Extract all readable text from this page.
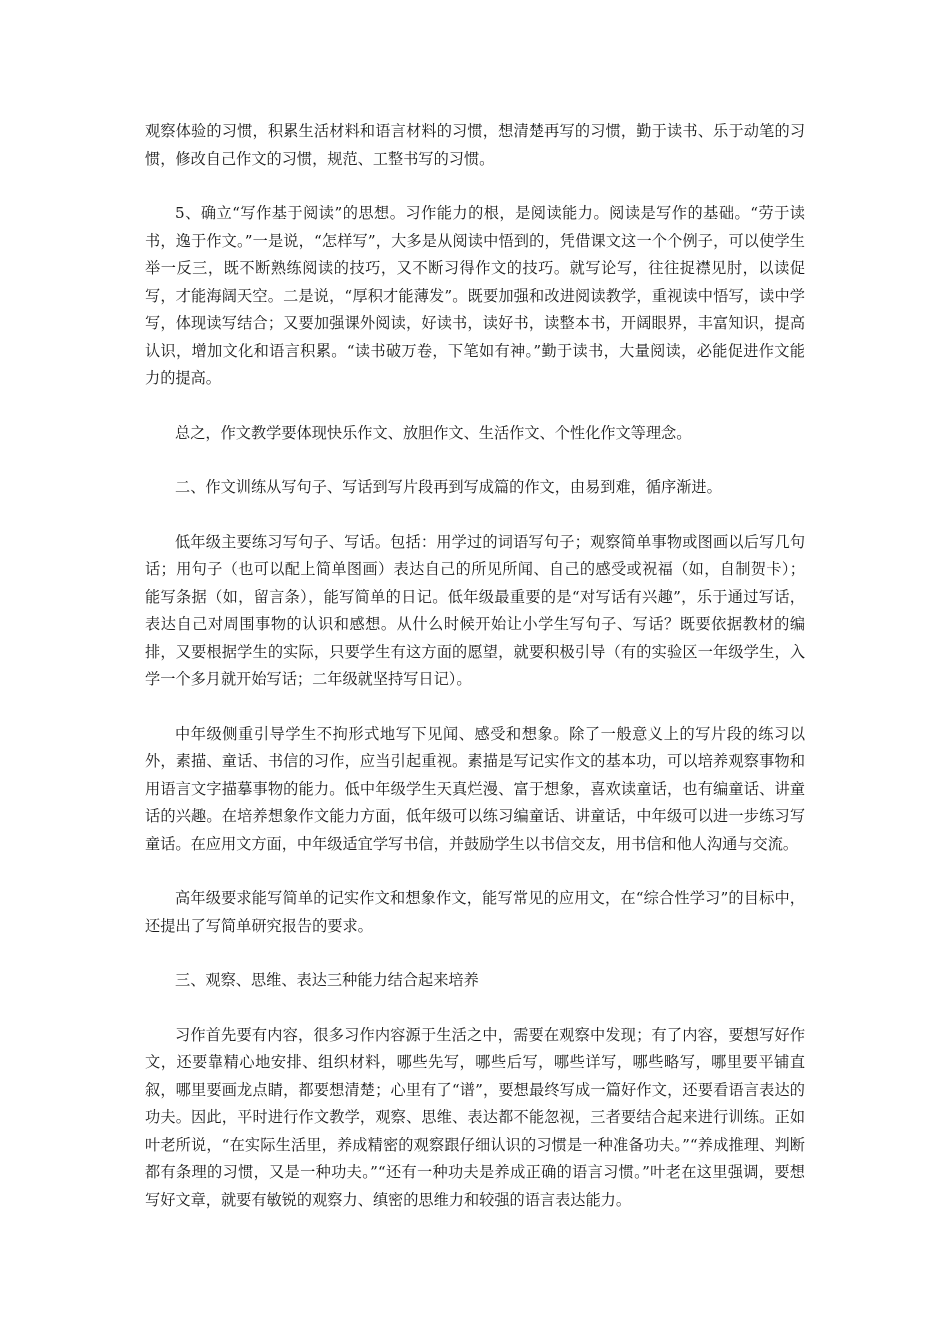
观察体验的习惯，积累生活材料和语言材料的习惯，想清楚再写的习惯，勤于读书、乐于动笔的习惯，修改自己作文的习惯，规范、工整书写的习惯。

5、确立“写作基于阅读”的思想。习作能力的根，是阅读能力。阅读是写作的基础。“劳于读书，逸于作文。”一是说，“怎样写”，大多是从阅读中悟到的，凭借课文这一个个例子，可以使学生举一反三，既不断熟练阅读的技巧，又不断习得作文的技巧。就写论写，往往捉襟见肘，以读促写，才能海阔天空。二是说，“厚积才能薄发”。既要加强和改进阅读教学，重视读中悟写，读中学写，体现读写结合；又要加强课外阅读，好读书，读好书，读整本书，开阔眼界，丰富知识，提高认识，增加文化和语言积累。“读书破万卷，下笔如有神。”勤于读书，大量阅读，必能促进作文能力的提高。

总之，作文教学要体现快乐作文、放胆作文、生活作文、个性化作文等理念。

二、作文训练从写句子、写话到写片段再到写成篇的作文，由易到难，循序渐进。

低年级主要练习写句子、写话。包括：用学过的词语写句子；观察简单事物或图画以后写几句话；用句子（也可以配上简单图画）表达自己的所见所闻、自己的感受或祝福（如，自制贺卡）；能写条据（如，留言条），能写简单的日记。低年级最重要的是“对写话有兴趣”，乐于通过写话，表达自己对周围事物的认识和感想。从什么时候开始让小学生写句子、写话？既要依据教材的编排，又要根据学生的实际，只要学生有这方面的愿望，就要积极引导（有的实验区一年级学生，入学一个多月就开始写话；二年级就坚持写日记）。

中年级侧重引导学生不拘形式地写下见闻、感受和想象。除了一般意义上的写片段的练习以外，素描、童话、书信的习作，应当引起重视。素描是写记实作文的基本功，可以培养观察事物和用语言文字描摹事物的能力。低中年级学生天真烂漫、富于想象，喜欢读童话，也有编童话、讲童话的兴趣。在培养想象作文能力方面，低年级可以练习编童话、讲童话，中年级可以进一步练习写童话。在应用文方面，中年级适宜学写书信，并鼓励学生以书信交友，用书信和他人沟通与交流。

高年级要求能写简单的记实作文和想象作文，能写常见的应用文，在“综合性学习”的目标中，还提出了写简单研究报告的要求。

三、观察、思维、表达三种能力结合起来培养

习作首先要有内容，很多习作内容源于生活之中，需要在观察中发现；有了内容，要想写好作文，还要靠精心地安排、组织材料，哪些先写，哪些后写，哪些详写，哪些略写，哪里要平铺直叙，哪里要画龙点睛，都要想清楚；心里有了“谱”，要想最终写成一篇好作文，还要看语言表达的功夫。因此，平时进行作文教学，观察、思维、表达都不能忽视，三者要结合起来进行训练。正如叶老所说，“在实际生活里，养成精密的观察跟仔细认识的习惯是一种准备功夫。”“养成推理、判断都有条理的习惯，又是一种功夫。”“还有一种功夫是养成正确的语言习惯。”叶老在这里强调，要想写好文章，就要有敏锐的观察力、缜密的思维力和较强的语言表达能力。
